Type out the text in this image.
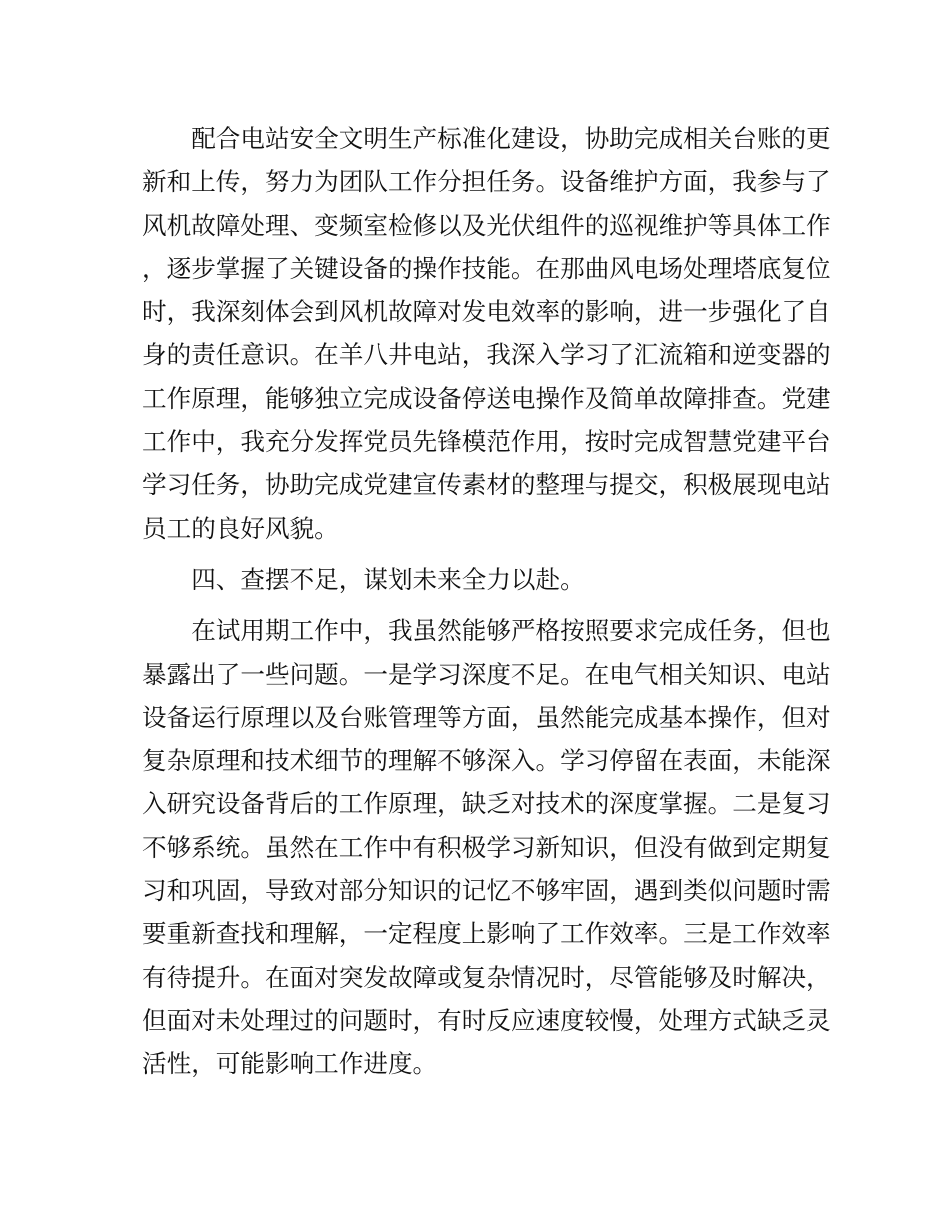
配合电站安全文明生产标准化建设，协助完成相关台账的更新和上传，努力为团队工作分担任务。设备维护方面，我参与了风机故障处理、变频室检修以及光伏组件的巡视维护等具体工作，逐步掌握了关键设备的操作技能。在那曲风电场处理塔底复位时，我深刻体会到风机故障对发电效率的影响，进一步强化了自身的责任意识。在羊八井电站，我深入学习了汇流箱和逆变器的工作原理，能够独立完成设备停送电操作及简单故障排查。党建工作中，我充分发挥党员先锋模范作用，按时完成智慧党建平台学习任务，协助完成党建宣传素材的整理与提交，积极展现电站员工的良好风貌。

四、查摆不足，谋划未来全力以赴。

在试用期工作中，我虽然能够严格按照要求完成任务，但也暴露出了一些问题。一是学习深度不足。在电气相关知识、电站设备运行原理以及台账管理等方面，虽然能完成基本操作，但对复杂原理和技术细节的理解不够深入。学习停留在表面，未能深入研究设备背后的工作原理，缺乏对技术的深度掌握。二是复习不够系统。虽然在工作中有积极学习新知识，但没有做到定期复习和巩固，导致对部分知识的记忆不够牢固，遇到类似问题时需要重新查找和理解，一定程度上影响了工作效率。三是工作效率有待提升。在面对突发故障或复杂情况时，尽管能够及时解决，但面对未处理过的问题时，有时反应速度较慢，处理方式缺乏灵活性，可能影响工作进度。
